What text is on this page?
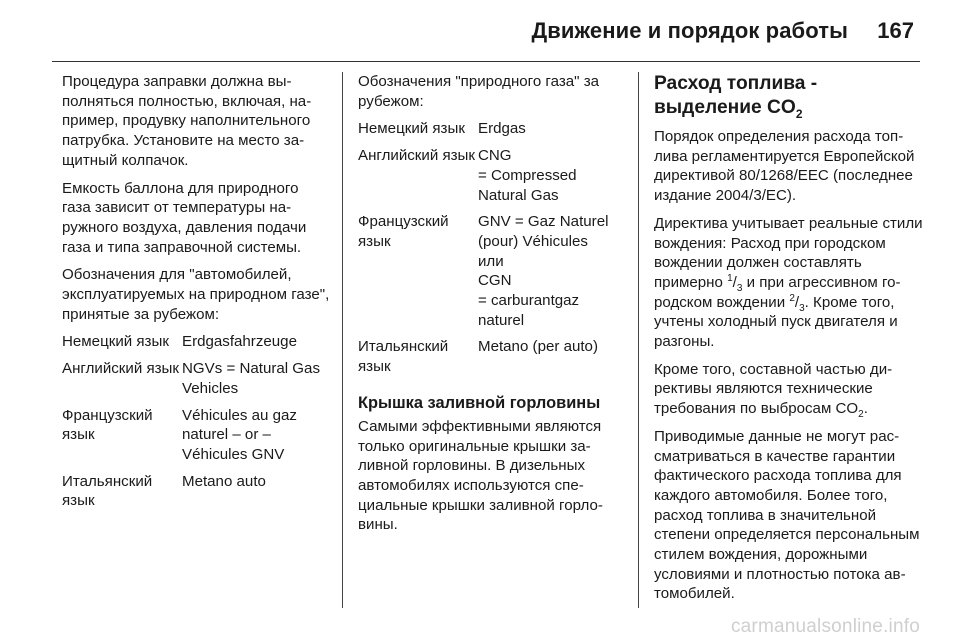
Движение и порядок работы 167

Процедура заправки должна выполняться полностью, включая, например, продувку наполнительного патрубка. Установите на место защитный колпачок.

Емкость баллона для природного газа зависит от температуры наружного воздуха, давления подачи газа и типа заправочной системы.

Обозначения для "автомобилей, эксплуатируемых на природном газе", принятые за рубежом:

Немецкий язык Erdgasfahrzeuge
Английский язык NGVs = Natural Gas Vehicles
Французский язык
Véhicules au gaz naturel – or – Véhicules GNV
Итальянский язык
Metano auto

Обозначения "природного газа" за рубежом:

Немецкий язык Erdgas
Английский язык CNG
= Compressed Natural Gas
Французский язык
GNV = Gaz Naturel (pour) Véhicules
или
CGN
= carburantgaz naturel
Итальянский язык
Metano (per auto)
Крышка заливной горловины

Самыми эффективными являются только оригинальные крышки заливной горловины. В дизельных автомобилях используются специальные крышки заливной горловины.

Расход топлива -
выделение $CO_2$

Порядок определения расхода топлива регламентируется Европейской директивой 80/1268/EEC (последнее издание 2004/3/EC).

Директива учитывает реальные стили вождения: Расход при городском вождении должен составлять примерно $^1/_3$ и при агрессивном городском вождении $^2/_3$. Кроме того, учтены холодный пуск двигателя и разгоны.

Кроме того, составной частью директивы являются технические требования по выбросам $CO_2$.

Приводимые данные не могут рассматриваться в качестве гарантии фактического расхода топлива для каждого автомобиля. Более того, расход топлива в значительной степени определяется персональным стилем вождения, дорожными условиями и плотностью потока автомобилей.

carmanualsonline.info
